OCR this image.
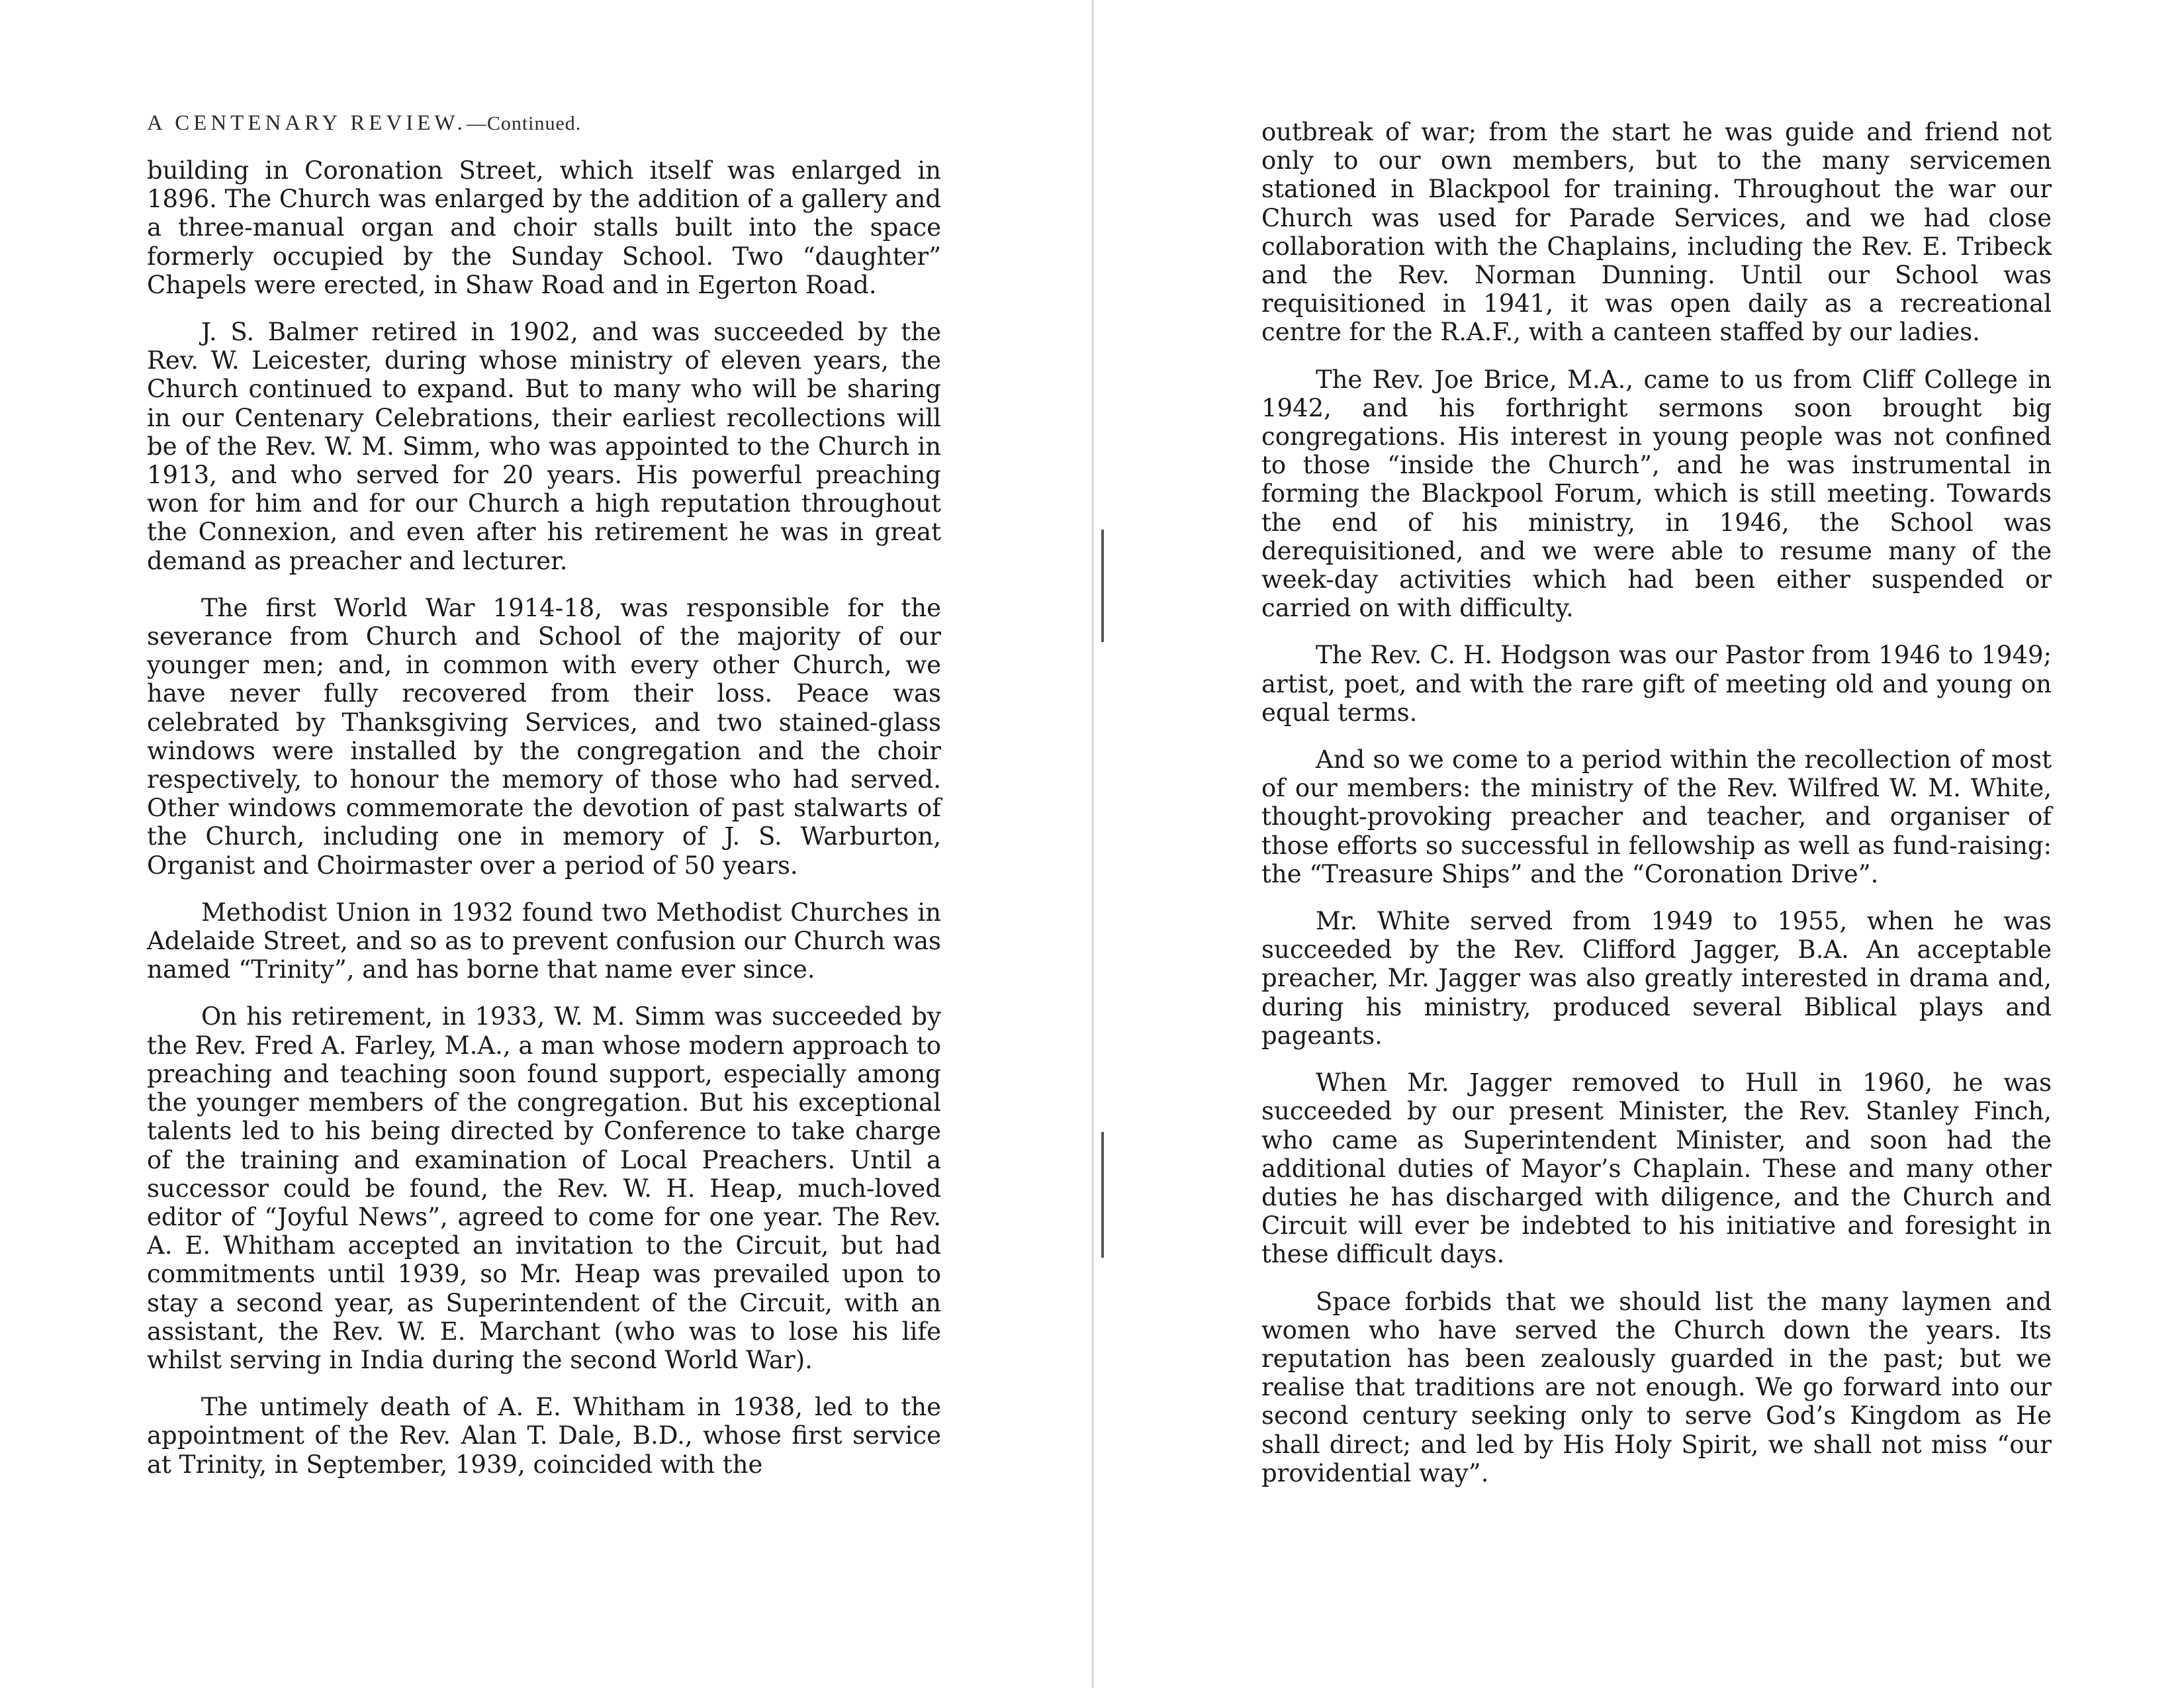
A CENTENARY REVIEW.—Continued.

building in Coronation Street, which itself was enlarged in 1896. The Church was enlarged by the addition of a gallery and a three-manual organ and choir stalls built into the space formerly occupied by the Sunday School. Two “daughter” Chapels were erected, in Shaw Road and in Egerton Road.

J. S. Balmer retired in 1902, and was succeeded by the Rev. W. Leicester, during whose ministry of eleven years, the Church continued to expand. But to many who will be sharing in our Centenary Celebrations, their earliest recollections will be of the Rev. W. M. Simm, who was appointed to the Church in 1913, and who served for 20 years. His powerful preaching won for him and for our Church a high reputation throughout the Connexion, and even after his retirement he was in great demand as preacher and lecturer.

The first World War 1914-18, was responsible for the severance from Church and School of the majority of our younger men; and, in common with every other Church, we have never fully recovered from their loss. Peace was celebrated by Thanksgiving Services, and two stained-glass windows were installed by the congregation and the choir respectively, to honour the memory of those who had served. Other windows commemorate the devotion of past stalwarts of the Church, including one in memory of J. S. Warburton, Organist and Choirmaster over a period of 50 years.

Methodist Union in 1932 found two Methodist Churches in Adelaide Street, and so as to prevent confusion our Church was named “Trinity”, and has borne that name ever since.

On his retirement, in 1933, W. M. Simm was succeeded by the Rev. Fred A. Farley, M.A., a man whose modern approach to preaching and teaching soon found support, especially among the younger members of the congregation. But his exceptional talents led to his being directed by Conference to take charge of the training and examination of Local Preachers. Until a successor could be found, the Rev. W. H. Heap, much-loved editor of “Joyful News”, agreed to come for one year. The Rev. A. E. Whitham accepted an invitation to the Circuit, but had commitments until 1939, so Mr. Heap was prevailed upon to stay a second year, as Superintendent of the Circuit, with an assistant, the Rev. W. E. Marchant (who was to lose his life whilst serving in India during the second World War).

The untimely death of A. E. Whitham in 1938, led to the appointment of the Rev. Alan T. Dale, B.D., whose first service at Trinity, in September, 1939, coincided with the

outbreak of war; from the start he was guide and friend not only to our own members, but to the many servicemen stationed in Blackpool for training. Throughout the war our Church was used for Parade Services, and we had close collaboration with the Chaplains, including the Rev. E. Tribeck and the Rev. Norman Dunning. Until our School was requisitioned in 1941, it was open daily as a recreational centre for the R.A.F., with a canteen staffed by our ladies.

The Rev. Joe Brice, M.A., came to us from Cliff College in 1942, and his forthright sermons soon brought big congregations. His interest in young people was not confined to those “inside the Church”, and he was instrumental in forming the Blackpool Forum, which is still meeting. Towards the end of his ministry, in 1946, the School was derequisitioned, and we were able to resume many of the week-day activities which had been either suspended or carried on with difficulty.

The Rev. C. H. Hodgson was our Pastor from 1946 to 1949; artist, poet, and with the rare gift of meeting old and young on equal terms.

And so we come to a period within the recollection of most of our members: the ministry of the Rev. Wilfred W. M. White, thought-provoking preacher and teacher, and organiser of those efforts so successful in fellowship as well as fund-raising: the “Treasure Ships” and the “Coronation Drive”.

Mr. White served from 1949 to 1955, when he was succeeded by the Rev. Clifford Jagger, B.A. An acceptable preacher, Mr. Jagger was also greatly interested in drama and, during his ministry, produced several Biblical plays and pageants.

When Mr. Jagger removed to Hull in 1960, he was succeeded by our present Minister, the Rev. Stanley Finch, who came as Superintendent Minister, and soon had the additional duties of Mayor’s Chaplain. These and many other duties he has discharged with diligence, and the Church and Circuit will ever be indebted to his initiative and foresight in these difficult days.

Space forbids that we should list the many laymen and women who have served the Church down the years. Its reputation has been zealously guarded in the past; but we realise that traditions are not enough. We go forward into our second century seeking only to serve God’s Kingdom as He shall direct; and led by His Holy Spirit, we shall not miss “our providential way”.
